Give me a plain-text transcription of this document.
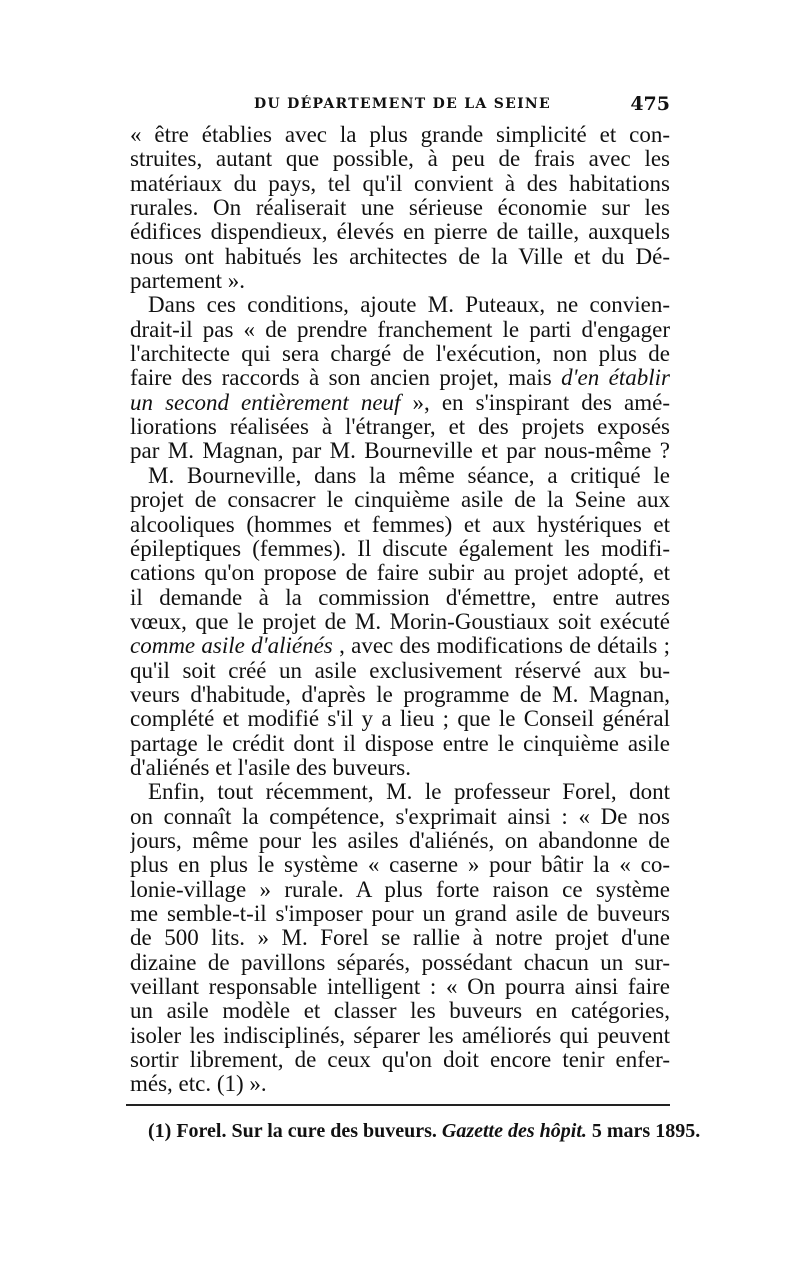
DU DÉPARTEMENT DE LA SEINE	475
« être établies avec la plus grande simplicité et con-
struites, autant que possible, à peu de frais avec les
matériaux du pays, tel qu'il convient à des habitations
rurales. On réaliserait une sérieuse économie sur les
édifices dispendieux, élevés en pierre de taille, auxquels
nous ont habitués les architectes de la Ville et du Dé-
partement ».
Dans ces conditions, ajoute M. Puteaux, ne convien-
drait-il pas « de prendre franchement le parti d'engager
l'architecte qui sera chargé de l'exécution, non plus de
faire des raccords à son ancien projet, mais d'en établir
un second entièrement neuf », en s'inspirant des amé-
liorations réalisées à l'étranger, et des projets exposés
par M. Magnan, par M. Bourneville et par nous-même ?
M. Bourneville, dans la même séance, a critiqué le
projet de consacrer le cinquième asile de la Seine aux
alcooliques (hommes et femmes) et aux hystériques et
épileptiques (femmes). Il discute également les modifi-
cations qu'on propose de faire subir au projet adopté, et
il demande à la commission d'émettre, entre autres
vœux, que le projet de M. Morin-Goustiaux soit exécuté
comme asile d'aliénés , avec des modifications de détails ;
qu'il soit créé un asile exclusivement réservé aux bu-
veurs d'habitude, d'après le programme de M. Magnan,
complété et modifié s'il y a lieu ; que le Conseil général
partage le crédit dont il dispose entre le cinquième asile
d'aliénés et l'asile des buveurs.
Enfin, tout récemment, M. le professeur Forel, dont
on connaît la compétence, s'exprimait ainsi : « De nos
jours, même pour les asiles d'aliénés, on abandonne de
plus en plus le système « caserne » pour bâtir la « co-
lonie-village » rurale. A plus forte raison ce système
me semble-t-il s'imposer pour un grand asile de buveurs
de 500 lits. » M. Forel se rallie à notre projet d'une
dizaine de pavillons séparés, possédant chacun un sur-
veillant responsable intelligent : « On pourra ainsi faire
un asile modèle et classer les buveurs en catégories,
isoler les indisciplinés, séparer les améliorés qui peuvent
sortir librement, de ceux qu'on doit encore tenir enfer-
més, etc. (1) ».
(1) Forel. Sur la cure des buveurs. Gazette des hôpit. 5 mars 1895.
